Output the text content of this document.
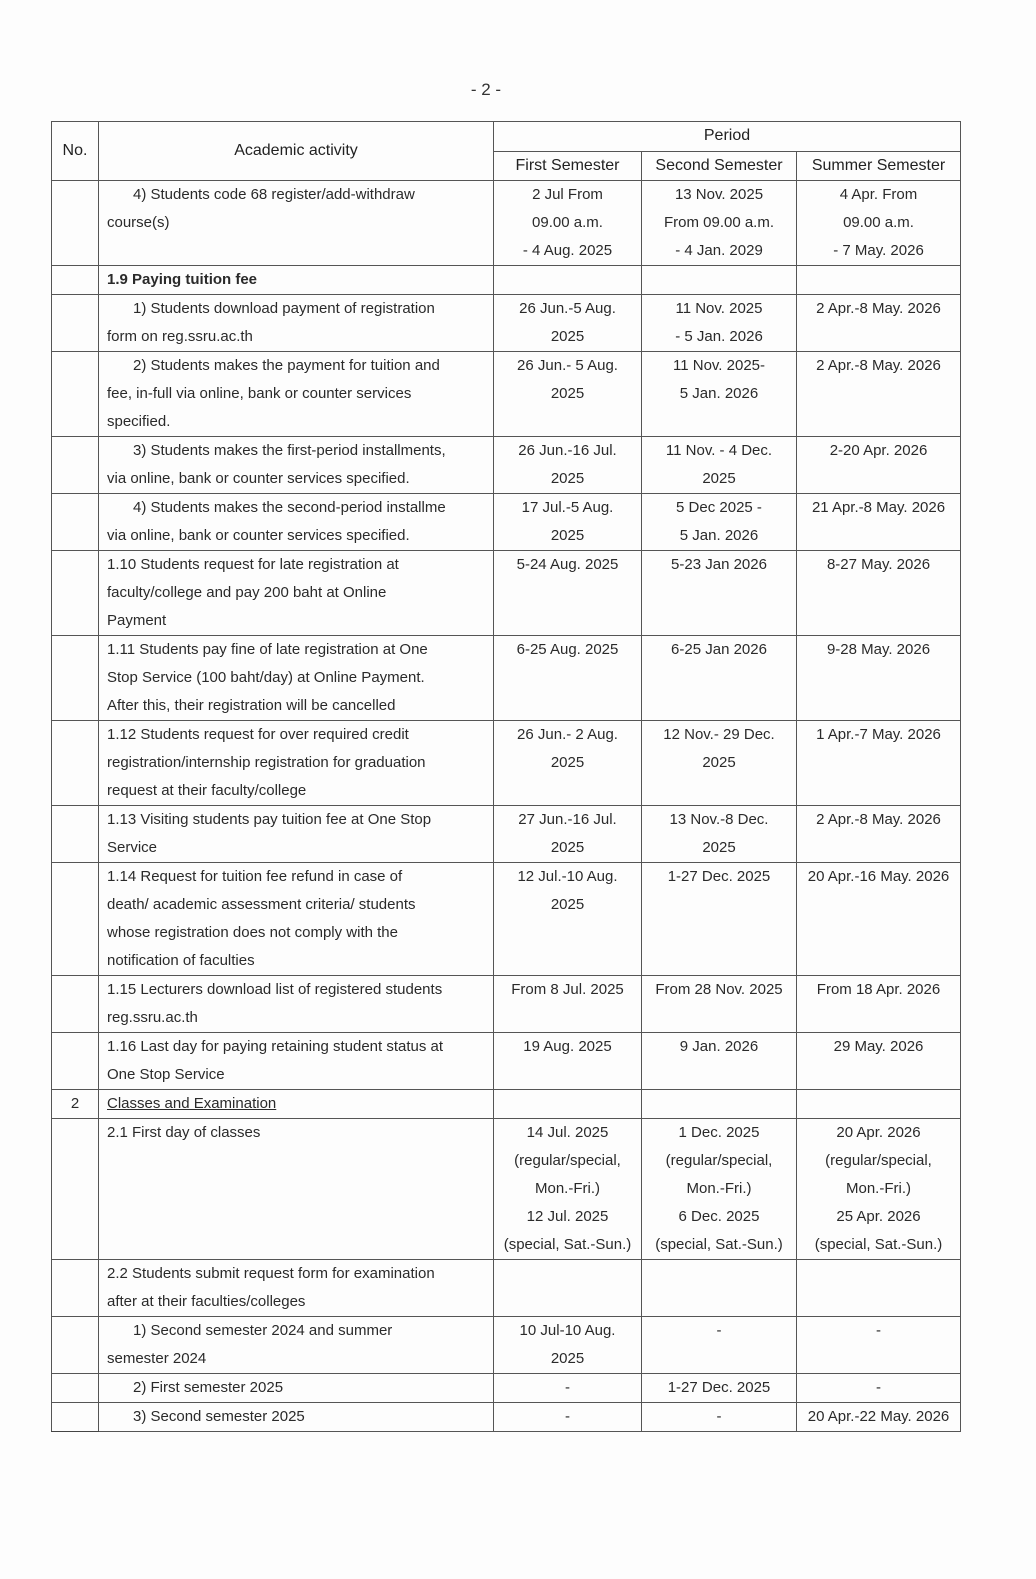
- 2 -
No.	Academic activity	Period		
		First Semester	Second Semester	Summer Semester

	4) Students code 68 register/add-withdraw
course(s)	2 Jul From
09.00 a.m.
- 4 Aug. 2025	13 Nov. 2025
From 09.00 a.m.
- 4 Jan. 2029	4 Apr. From
09.00 a.m.
- 7 May. 2026

	1.9 Paying tuition fee			

	1) Students download payment of registration
form on reg.ssru.ac.th	26 Jun.-5 Aug.
2025	11 Nov. 2025
- 5 Jan. 2026	2 Apr.-8 May. 2026

	2) Students makes the payment for tuition and
fee, in-full via online, bank or counter services
specified.	26 Jun.- 5 Aug.
2025	11 Nov. 2025-
5 Jan. 2026	2 Apr.-8 May. 2026

	3) Students makes the first-period installments,
via online, bank or counter services specified.	26 Jun.-16 Jul.
2025	11 Nov. - 4 Dec.
2025	2-20 Apr. 2026

	4) Students makes the second-period installme
via online, bank or counter services specified.	17 Jul.-5 Aug.
2025	5 Dec 2025 -
5 Jan. 2026	21 Apr.-8 May. 2026

	1.10 Students request for late registration at
faculty/college and pay 200 baht at Online
Payment	5-24 Aug. 2025	5-23 Jan 2026	8-27 May. 2026

	1.11 Students pay fine of late registration at One
Stop Service (100 baht/day) at Online Payment.
After this, their registration will be cancelled	6-25 Aug. 2025	6-25 Jan 2026	9-28 May. 2026

	1.12 Students request for over required credit
registration/internship registration for graduation
request at their faculty/college	26 Jun.- 2 Aug.
2025	12 Nov.- 29 Dec.
2025	1 Apr.-7 May. 2026

	1.13 Visiting students pay tuition fee at One Stop
Service	27 Jun.-16 Jul.
2025	13 Nov.-8 Dec.
2025	2 Apr.-8 May. 2026

	1.14 Request for tuition fee refund in case of
death/ academic assessment criteria/ students
whose registration does not comply with the
notification of faculties	12 Jul.-10 Aug.
2025	1-27 Dec. 2025	20 Apr.-16 May. 2026

	1.15 Lecturers download list of registered students
reg.ssru.ac.th	From 8 Jul. 2025	From 28 Nov. 2025	From 18 Apr. 2026

	1.16 Last day for paying retaining student status at
One Stop Service	19 Aug. 2025	9 Jan. 2026	29 May. 2026

2	Classes and Examination			

	2.1 First day of classes	14 Jul. 2025
(regular/special,
Mon.-Fri.)
12 Jul. 2025
(special, Sat.-Sun.)	1 Dec. 2025
(regular/special,
Mon.-Fri.)
6 Dec. 2025
(special, Sat.-Sun.)	20 Apr. 2026
(regular/special,
Mon.-Fri.)
25 Apr. 2026
(special, Sat.-Sun.)

	2.2 Students submit request form for examination
after at their faculties/colleges			

	1) Second semester 2024 and summer
semester 2024	10 Jul-10 Aug.
2025	-	-

	2) First semester 2025	-	1-27 Dec. 2025	-

	3) Second semester 2025	-	-	20 Apr.-22 May. 2026
